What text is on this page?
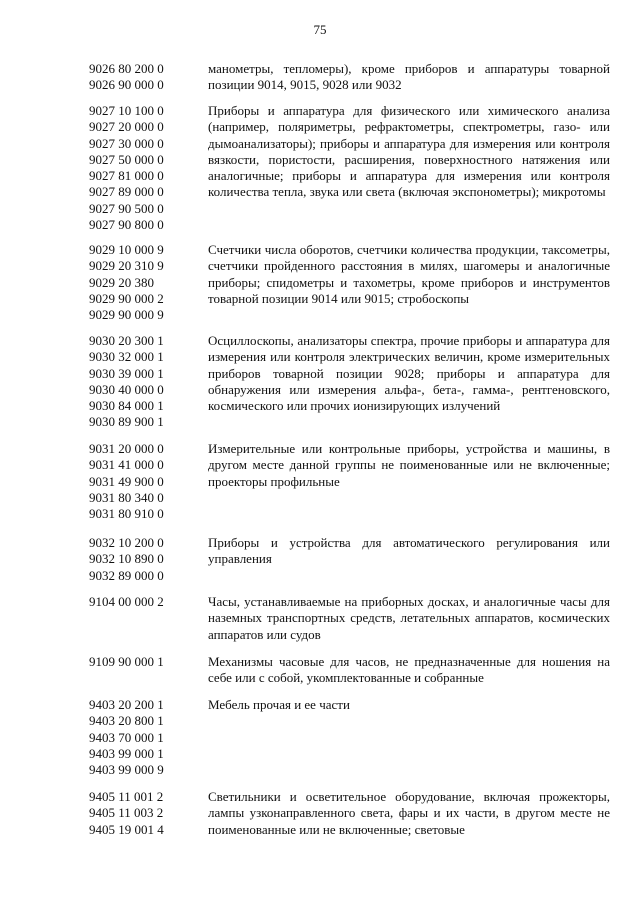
75
9026 80 200 0
9026 90 000 0
манометры, тепломеры), кроме приборов и аппаратуры товарной позиции 9014, 9015, 9028 или 9032
9027 10 100 0
9027 20 000 0
9027 30 000 0
9027 50 000 0
9027 81 000 0
9027 89 000 0
9027 90 500 0
9027 90 800 0
Приборы и аппаратура для физического или химического анализа (например, поляриметры, рефрактометры, спектрометры, газо- или дымоанализаторы); приборы и аппаратура для измерения или контроля вязкости, пористости, расширения, поверхностного натяжения или аналогичные; приборы и аппаратура для измерения или контроля количества тепла, звука или света (включая экспонометры); микротомы
9029 10 000 9
9029 20 310 9
9029 20 380
9029 90 000 2
9029 90 000 9
Счетчики числа оборотов, счетчики количества продукции, таксометры, счетчики пройденного расстояния в милях, шагомеры и аналогичные приборы; спидометры и тахометры, кроме приборов и инструментов товарной позиции 9014 или 9015; стробоскопы
9030 20 300 1
9030 32 000 1
9030 39 000 1
9030 40 000 0
9030 84 000 1
9030 89 900 1
Осциллоскопы, анализаторы спектра, прочие приборы и аппаратура для измерения или контроля электрических величин, кроме измерительных приборов товарной позиции 9028; приборы и аппаратура для обнаружения или измерения альфа-, бета-, гамма-, рентгеновского, космического или прочих ионизирующих излучений
9031 20 000 0
9031 41 000 0
9031 49 900 0
9031 80 340 0
9031 80 910 0
Измерительные или контрольные приборы, устройства и машины, в другом месте данной группы не поименованные или не включенные; проекторы профильные
9032 10 200 0
9032 10 890 0
9032 89 000 0
Приборы и устройства для автоматического регулирования или управления
9104 00 000 2	Часы, устанавливаемые на приборных досках, и аналогичные часы для наземных транспортных средств, летательных аппаратов, космических аппаратов или судов
9109 90 000 1	Механизмы часовые для часов, не предназначенные для ношения на себе или с собой, укомплектованные и собранные
9403 20 200 1
9403 20 800 1
9403 70 000 1
9403 99 000 1
9403 99 000 9
Мебель прочая и ее части
9405 11 001 2
9405 11 003 2
9405 19 001 4
Светильники и осветительное оборудование, включая прожекторы, лампы узконаправленного света, фары и их части, в другом месте не поименованные или не включенные; световые
